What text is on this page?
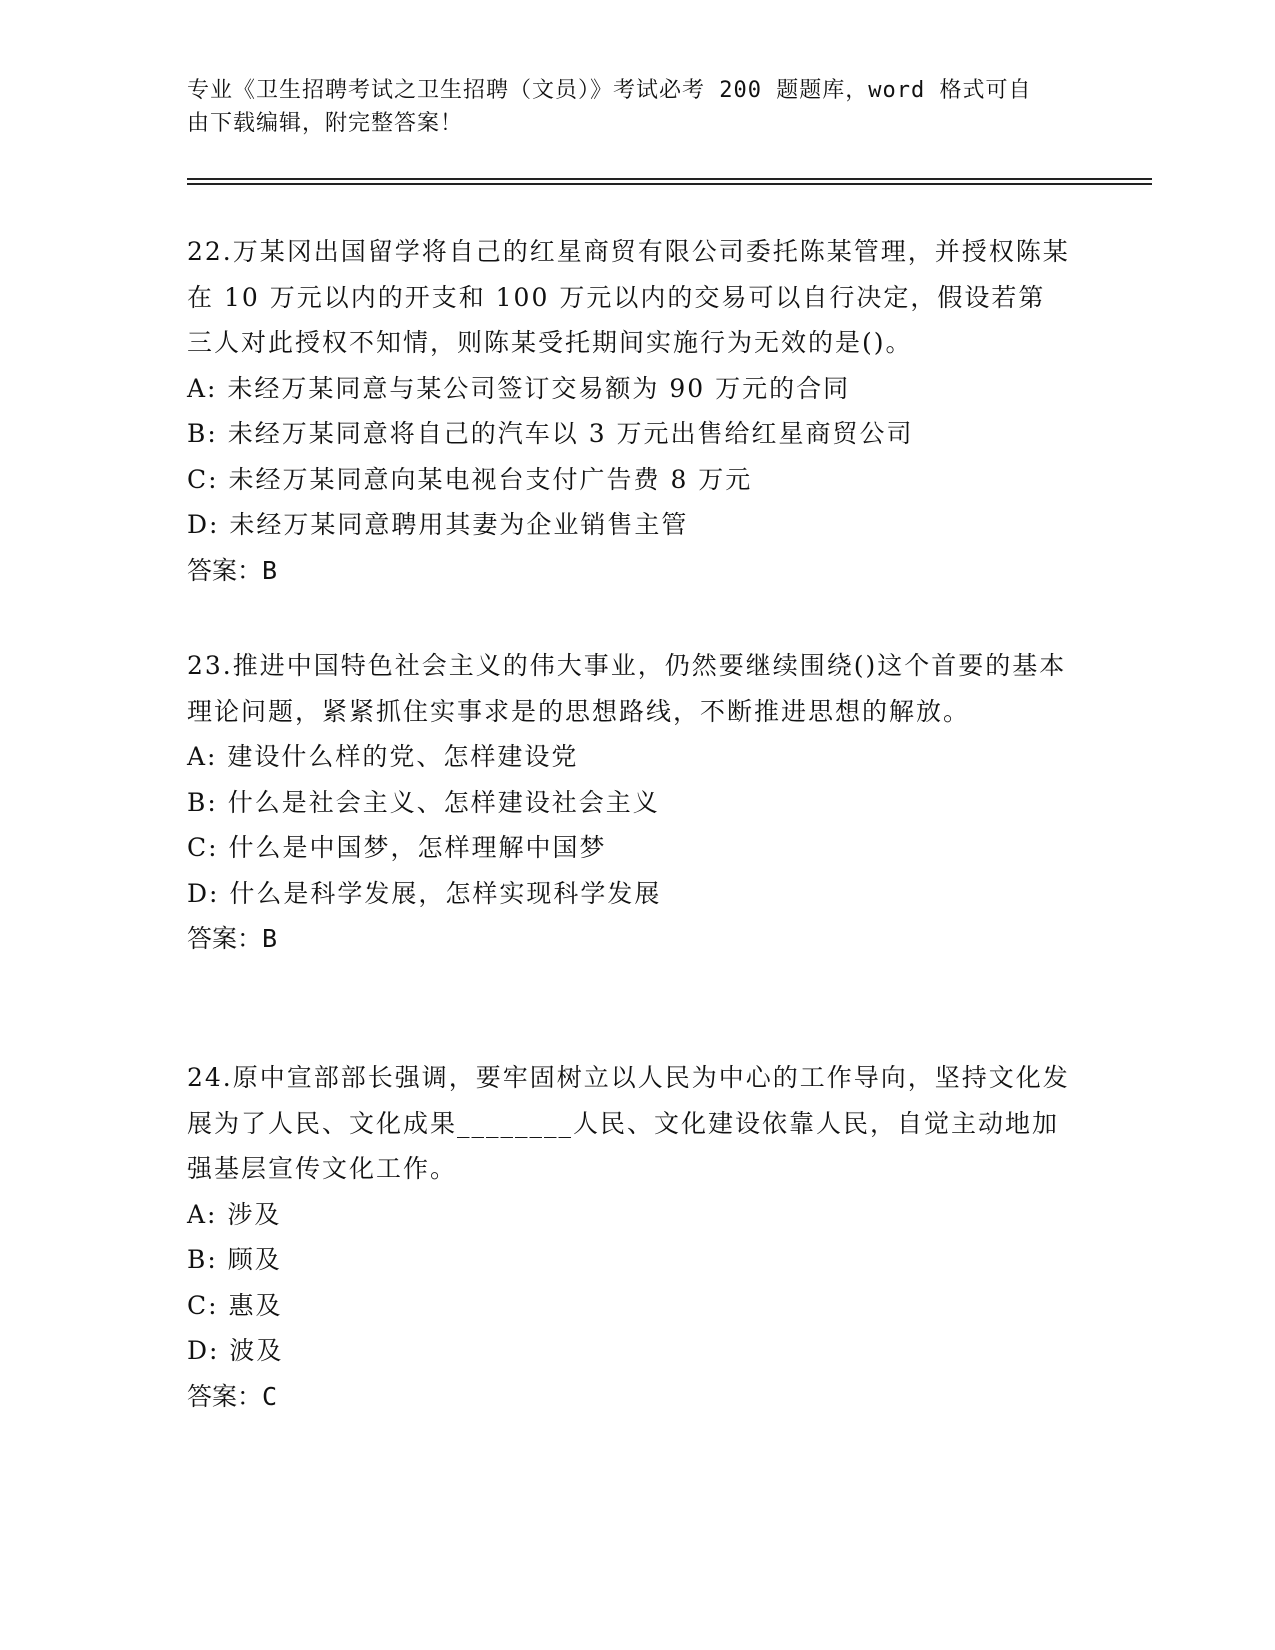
专业《卫生招聘考试之卫生招聘（文员）》考试必考 200 题题库，word 格式可自
由下载编辑，附完整答案！

22.万某冈出国留学将自己的红星商贸有限公司委托陈某管理，并授权陈某在 10 万元以内的开支和 100 万元以内的交易可以自行决定，假设若第三人对此授权不知情，则陈某受托期间实施行为无效的是()。

A: 未经万某同意与某公司签订交易额为 90 万元的合同

B: 未经万某同意将自己的汽车以 3 万元出售给红星商贸公司

C: 未经万某同意向某电视台支付广告费 8 万元

D: 未经万某同意聘用其妻为企业销售主管

答案：B

23.推进中国特色社会主义的伟大事业，仍然要继续围绕()这个首要的基本理论问题，紧紧抓住实事求是的思想路线，不断推进思想的解放。

A: 建设什么样的党、怎样建设党

B: 什么是社会主义、怎样建设社会主义

C: 什么是中国梦，怎样理解中国梦

D: 什么是科学发展，怎样实现科学发展

答案：B

24.原中宣部部长强调，要牢固树立以人民为中心的工作导向，坚持文化发展为了人民、文化成果________人民、文化建设依靠人民，自觉主动地加强基层宣传文化工作。

A: 涉及

B: 顾及

C: 惠及

D: 波及

答案：C
